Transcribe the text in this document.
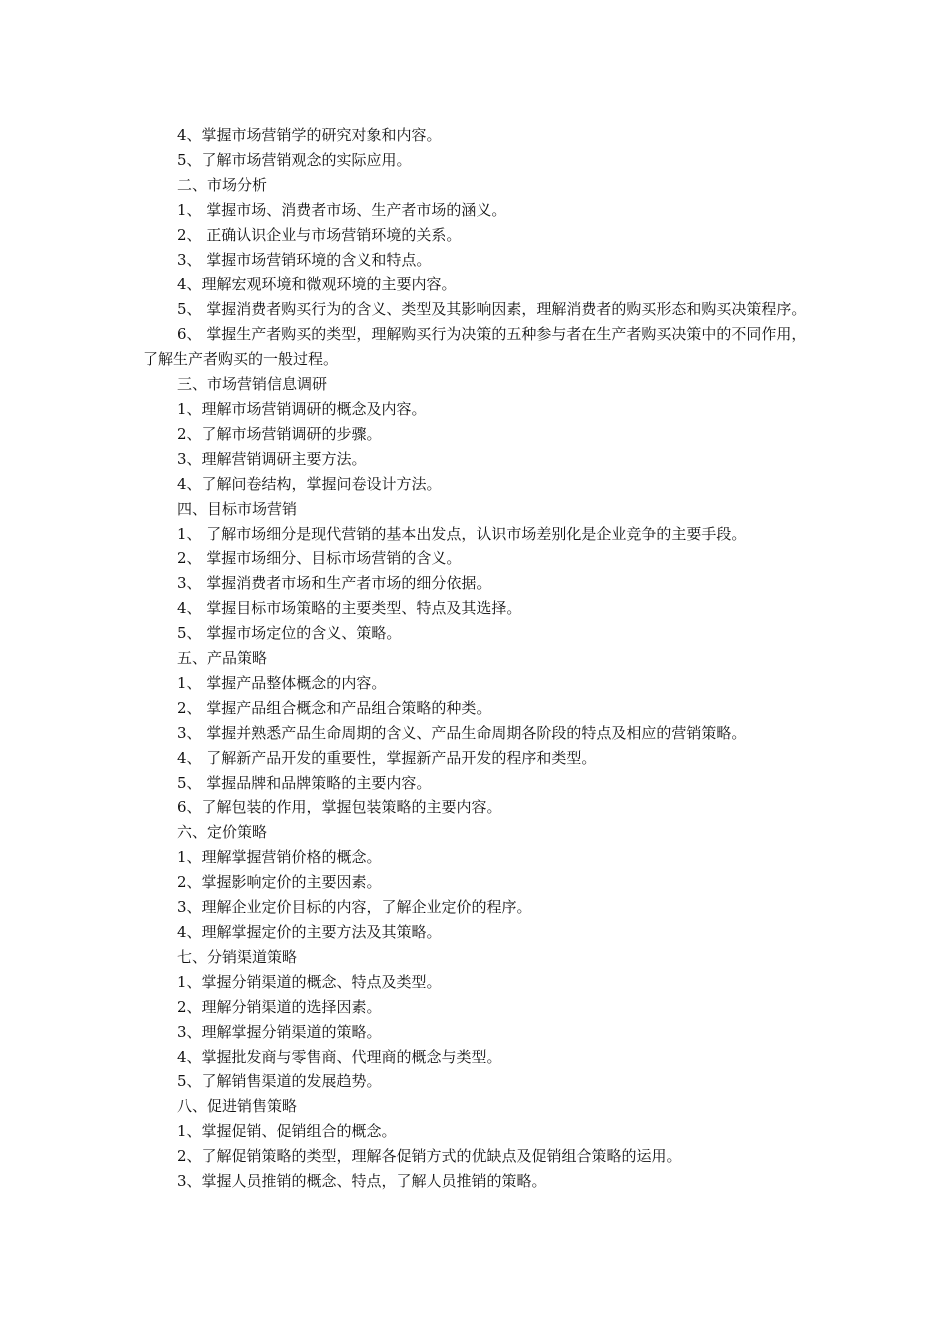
4、掌握市场营销学的研究对象和内容。

5、了解市场营销观念的实际应用。

二、市场分析

1、 掌握市场、消费者市场、生产者市场的涵义。

2、 正确认识企业与市场营销环境的关系。

3、 掌握市场营销环境的含义和特点。

4、理解宏观环境和微观环境的主要内容。

5、 掌握消费者购买行为的含义、类型及其影响因素，理解消费者的购买形态和购买决策程序。

6、 掌握生产者购买的类型，理解购买行为决策的五种参与者在生产者购买决策中的不同作用，了解生产者购买的一般过程。

三、市场营销信息调研

1、理解市场营销调研的概念及内容。

2、了解市场营销调研的步骤。

3、理解营销调研主要方法。

4、了解问卷结构，掌握问卷设计方法。

四、目标市场营销

1、 了解市场细分是现代营销的基本出发点，认识市场差别化是企业竞争的主要手段。

2、 掌握市场细分、目标市场营销的含义。

3、 掌握消费者市场和生产者市场的细分依据。

4、 掌握目标市场策略的主要类型、特点及其选择。

5、 掌握市场定位的含义、策略。

五、产品策略

1、 掌握产品整体概念的内容。

2、 掌握产品组合概念和产品组合策略的种类。

3、 掌握并熟悉产品生命周期的含义、产品生命周期各阶段的特点及相应的营销策略。

4、 了解新产品开发的重要性，掌握新产品开发的程序和类型。

5、 掌握品牌和品牌策略的主要内容。

6、了解包装的作用，掌握包装策略的主要内容。

六、定价策略

1、理解掌握营销价格的概念。

2、掌握影响定价的主要因素。

3、理解企业定价目标的内容，了解企业定价的程序。

4、理解掌握定价的主要方法及其策略。

七、分销渠道策略

1、掌握分销渠道的概念、特点及类型。

2、理解分销渠道的选择因素。

3、理解掌握分销渠道的策略。

4、掌握批发商与零售商、代理商的概念与类型。

5、了解销售渠道的发展趋势。

八、促进销售策略

1、掌握促销、促销组合的概念。

2、了解促销策略的类型，理解各促销方式的优缺点及促销组合策略的运用。

3、掌握人员推销的概念、特点，了解人员推销的策略。
